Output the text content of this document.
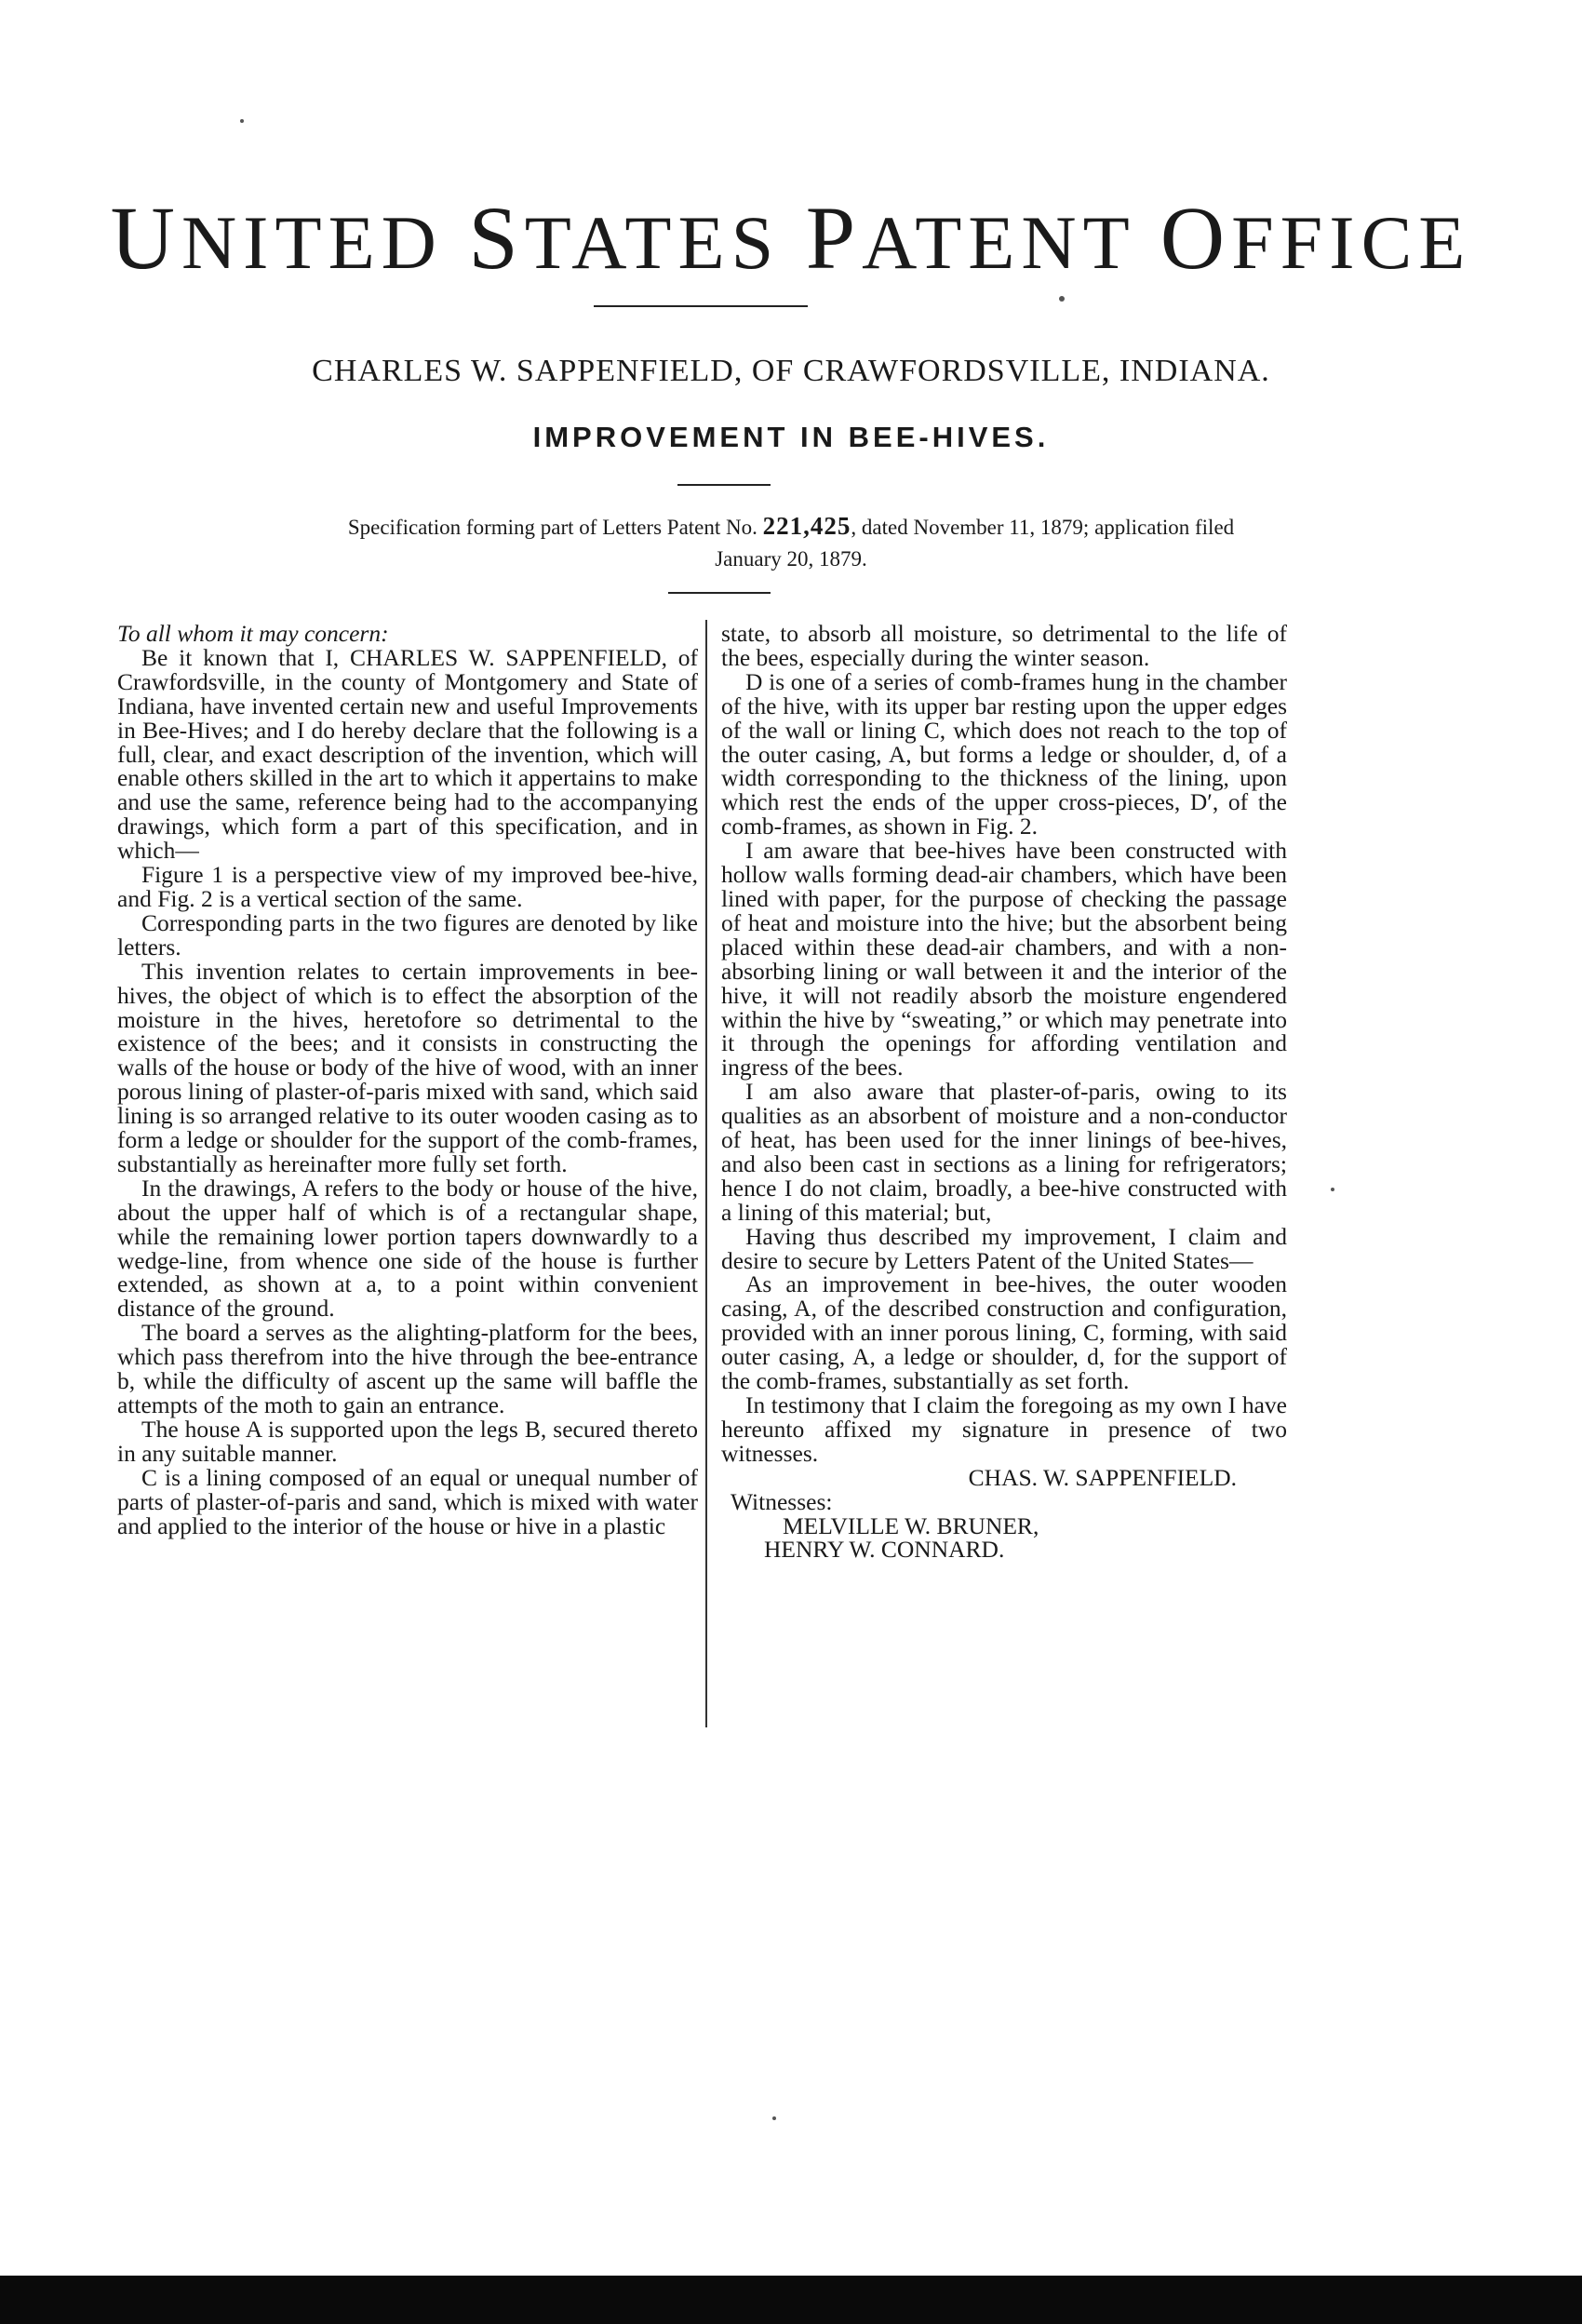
UNITED STATES PATENT OFFICE
CHARLES W. SAPPENFIELD, OF CRAWFORDSVILLE, INDIANA.
IMPROVEMENT IN BEE-HIVES.
Specification forming part of Letters Patent No. 221,425, dated November 11, 1879; application filed
January 20, 1879.

To all whom it may concern:

Be it known that I, CHARLES W. SAPPENFIELD, of Crawfordsville, in the county of Montgomery and State of Indiana, have invented certain new and useful Improvements in Bee-Hives; and I do hereby declare that the following is a full, clear, and exact description of the invention, which will enable others skilled in the art to which it appertains to make and use the same, reference being had to the accompanying drawings, which form a part of this specification, and in which—

Figure 1 is a perspective view of my improved bee-hive, and Fig. 2 is a vertical section of the same.

Corresponding parts in the two figures are denoted by like letters.

This invention relates to certain improvements in bee-hives, the object of which is to effect the absorption of the moisture in the hives, heretofore so detrimental to the existence of the bees; and it consists in constructing the walls of the house or body of the hive of wood, with an inner porous lining of plaster-of-paris mixed with sand, which said lining is so arranged relative to its outer wooden casing as to form a ledge or shoulder for the support of the comb-frames, substantially as hereinafter more fully set forth.

In the drawings, A refers to the body or house of the hive, about the upper half of which is of a rectangular shape, while the remaining lower portion tapers downwardly to a wedge-line, from whence one side of the house is further extended, as shown at a, to a point within convenient distance of the ground.

The board a serves as the alighting-platform for the bees, which pass therefrom into the hive through the bee-entrance b, while the difficulty of ascent up the same will baffle the attempts of the moth to gain an entrance.

The house A is supported upon the legs B, secured thereto in any suitable manner.

C is a lining composed of an equal or unequal number of parts of plaster-of-paris and sand, which is mixed with water and applied to the interior of the house or hive in a plastic

state, to absorb all moisture, so detrimental to the life of the bees, especially during the winter season.

D is one of a series of comb-frames hung in the chamber of the hive, with its upper bar resting upon the upper edges of the wall or lining C, which does not reach to the top of the outer casing, A, but forms a ledge or shoulder, d, of a width corresponding to the thickness of the lining, upon which rest the ends of the upper cross-pieces, D′, of the comb-frames, as shown in Fig. 2.

I am aware that bee-hives have been constructed with hollow walls forming dead-air chambers, which have been lined with paper, for the purpose of checking the passage of heat and moisture into the hive; but the absorbent being placed within these dead-air chambers, and with a non-absorbing lining or wall between it and the interior of the hive, it will not readily absorb the moisture engendered within the hive by “sweating,” or which may penetrate into it through the openings for affording ventilation and ingress of the bees.

I am also aware that plaster-of-paris, owing to its qualities as an absorbent of moisture and a non-conductor of heat, has been used for the inner linings of bee-hives, and also been cast in sections as a lining for refrigerators; hence I do not claim, broadly, a bee-hive constructed with a lining of this material; but,

Having thus described my improvement, I claim and desire to secure by Letters Patent of the United States—

As an improvement in bee-hives, the outer wooden casing, A, of the described construction and configuration, provided with an inner porous lining, C, forming, with said outer casing, A, a ledge or shoulder, d, for the support of the comb-frames, substantially as set forth.

In testimony that I claim the foregoing as my own I have hereunto affixed my signature in presence of two witnesses.

CHAS. W. SAPPENFIELD.

Witnesses:

MELVILLE W. BRUNER,

HENRY W. CONNARD.
